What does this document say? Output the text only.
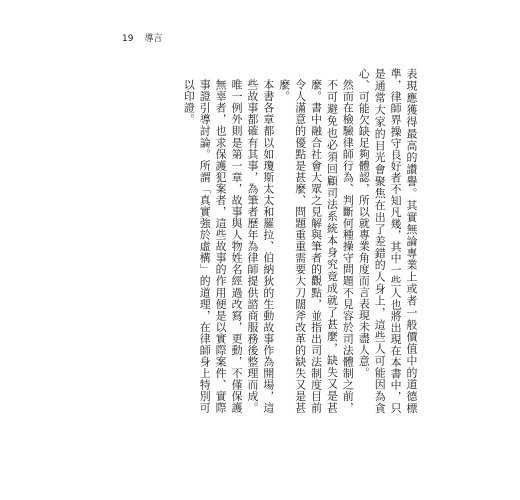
19 導言

表現應獲得最高的讚譽。其實無論專業上或者一般價值中的道德標準，律師界操守良好者不知凡幾，其中一些人也將出現在本書中，只是通常大家的目光會聚焦在出了差錯的人身上，這些人可能因為貪心、可能欠缺足夠體認，所以就專業角度而言表現未盡人意。

然而在檢驗律師行為、判斷何種操守問題不見容於司法體制之前，不可避免也必須回顧司法系統本身究竟成就了甚麼，缺失又是甚麼。書中融合社會大眾之見解與筆者的觀點，並指出司法制度目前令人滿意的優點是甚麼、問題重重需要大刀闊斧改革的缺失又是甚麼。

本書各章都以如瓊斯太太和羅拉、伯納狄的生動故事作為開場，這些故事都確有其事，為筆者歷年為律師提供諮商服務後整理而成。唯一例外則是第一章，故事與人物姓名經過改寫，更動，不僅保護無辜者，也求保護犯案者，這些故事的作用便是以實際案件、實際事證引導討論。所謂「真實強於虛構」的道理，在律師身上特別可以印證。
